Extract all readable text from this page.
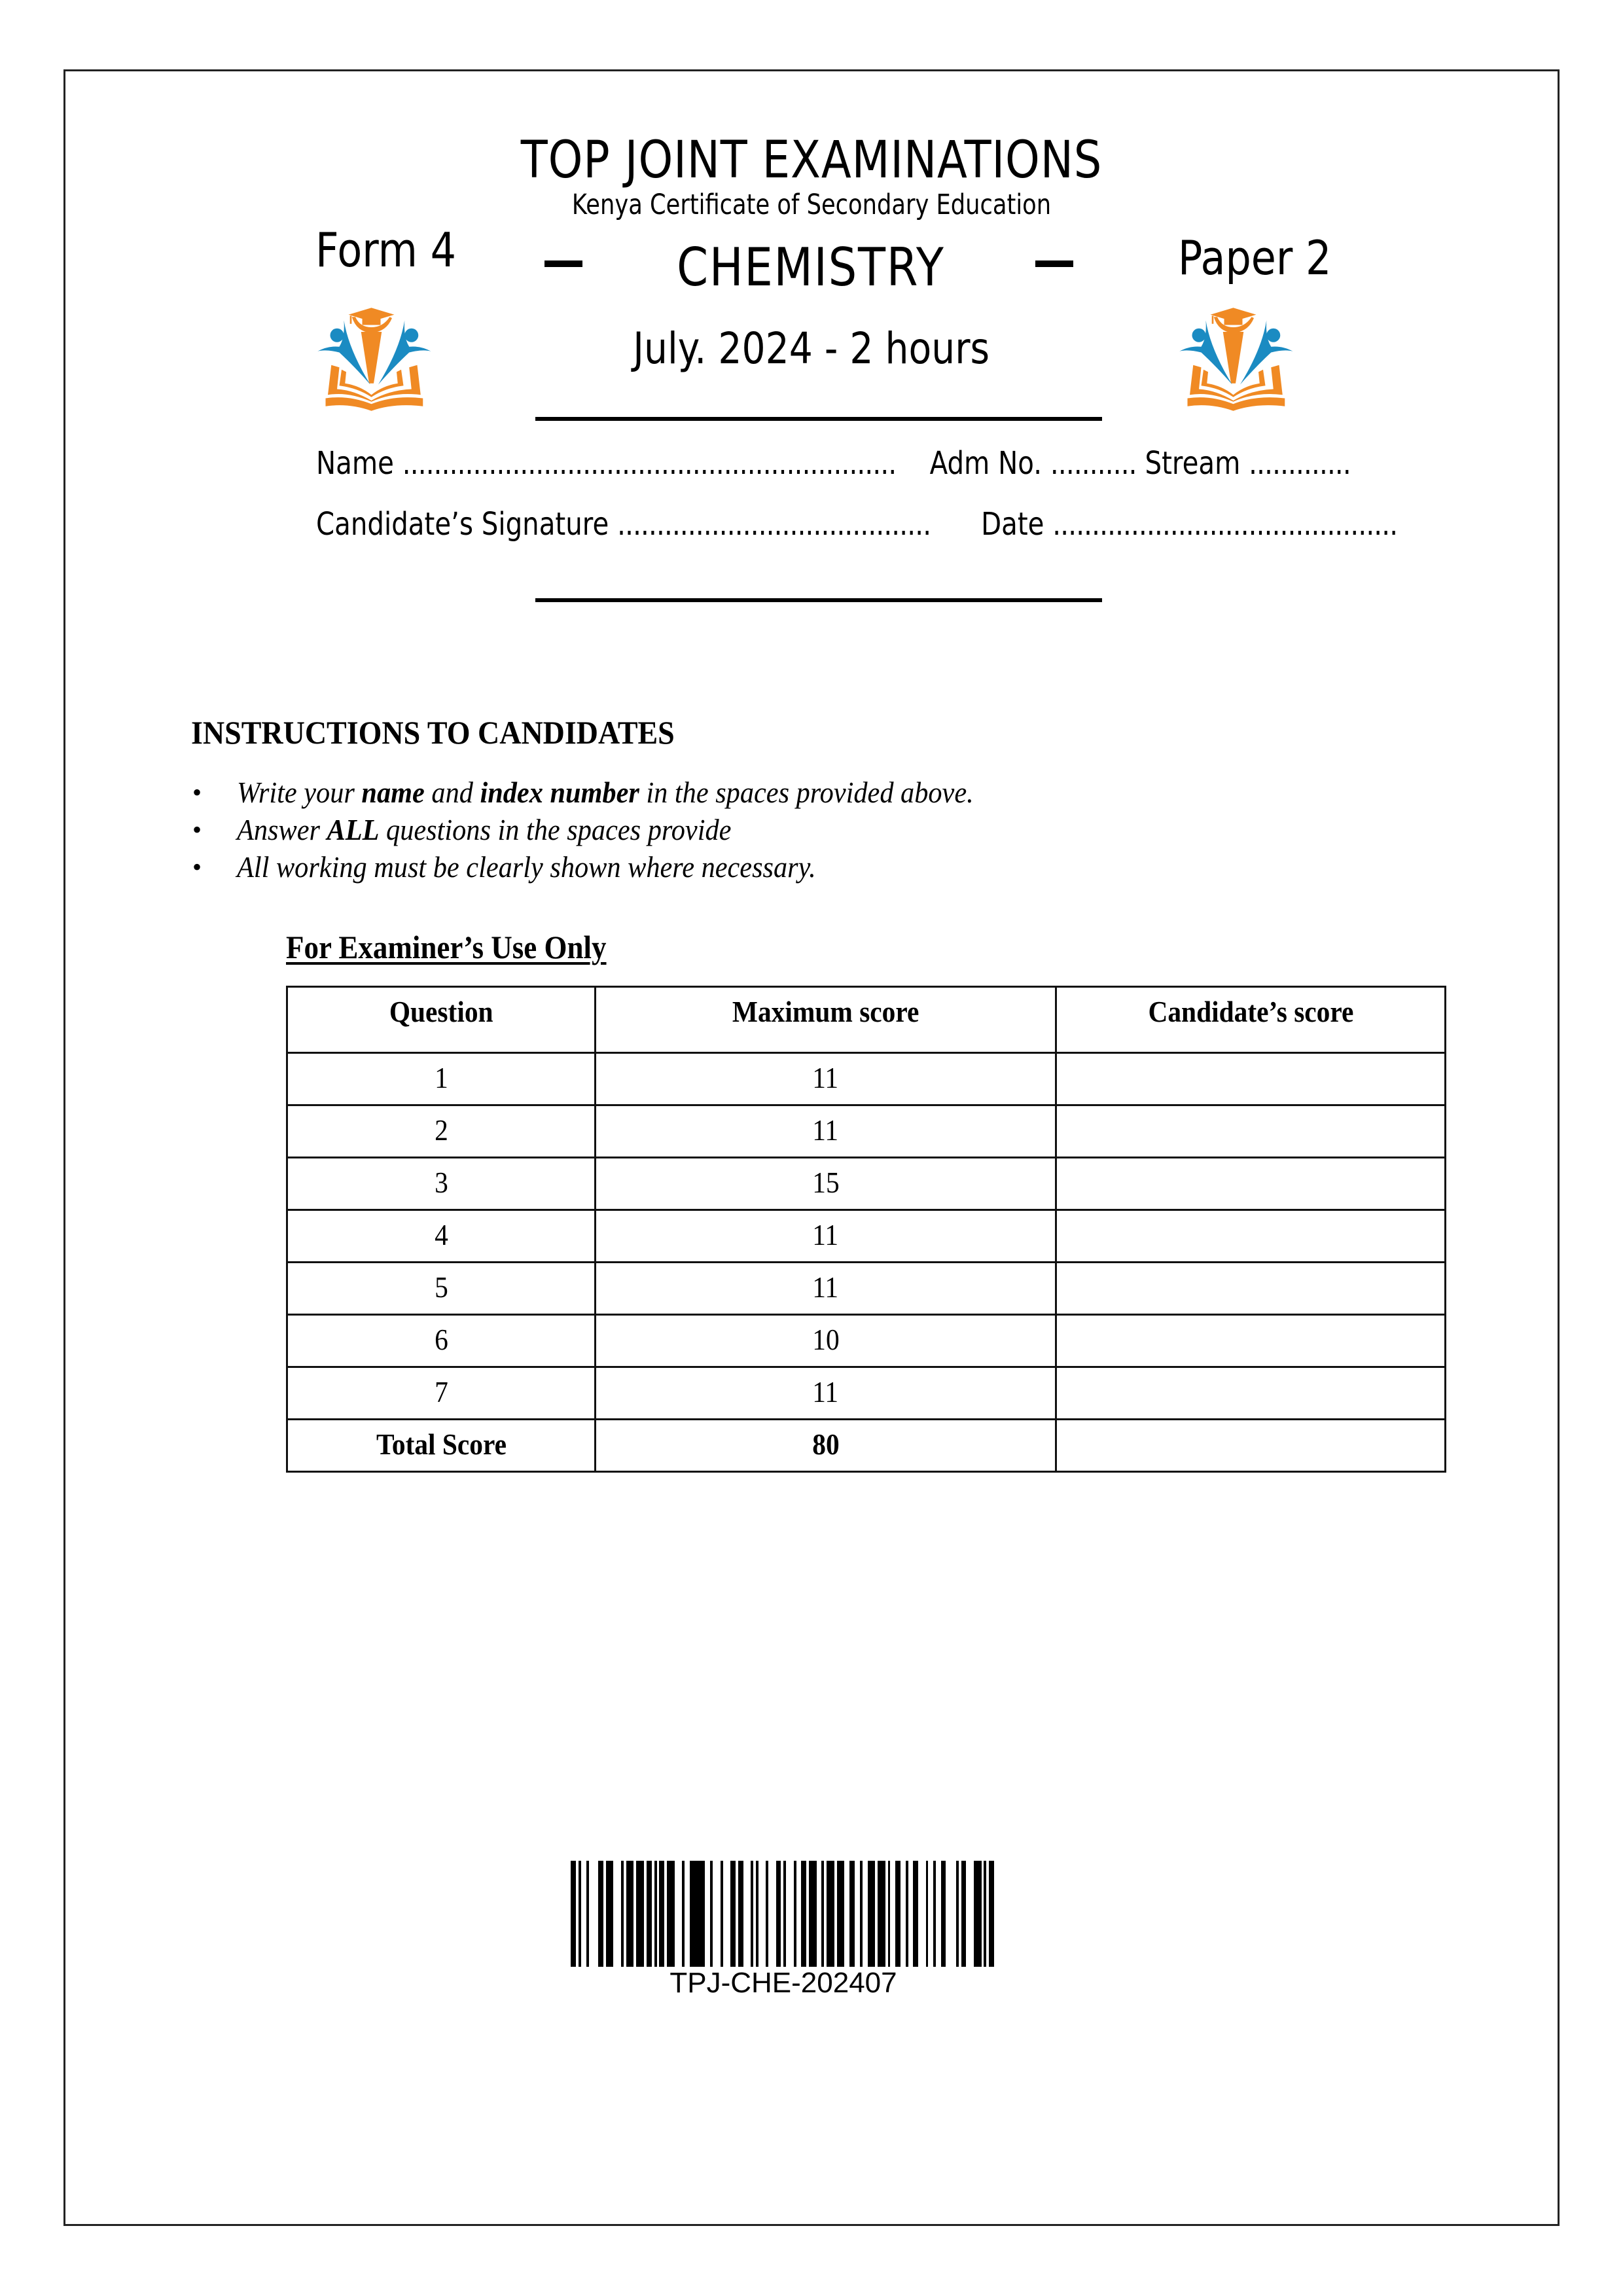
TOP JOINT EXAMINATIONS
Kenya Certificate of Secondary Education
Form 4	CHEMISTRY	Paper 2
July. 2024 - 2 hours
Name ............................................................... Adm No. ........... Stream .............
Candidate’s Signature ........................................ Date ............................................
INSTRUCTIONS TO CANDIDATES
• Write your name and index number in the spaces provided above.
• Answer ALL questions in the spaces provide
• All working must be clearly shown where necessary.
For Examiner’s Use Only
Question	Maximum score	Candidate’s score
1	11	
2	11	
3	15	
4	11	
5	11	
6	10	
7	11	
Total Score	80	
TPJ-CHE-202407
